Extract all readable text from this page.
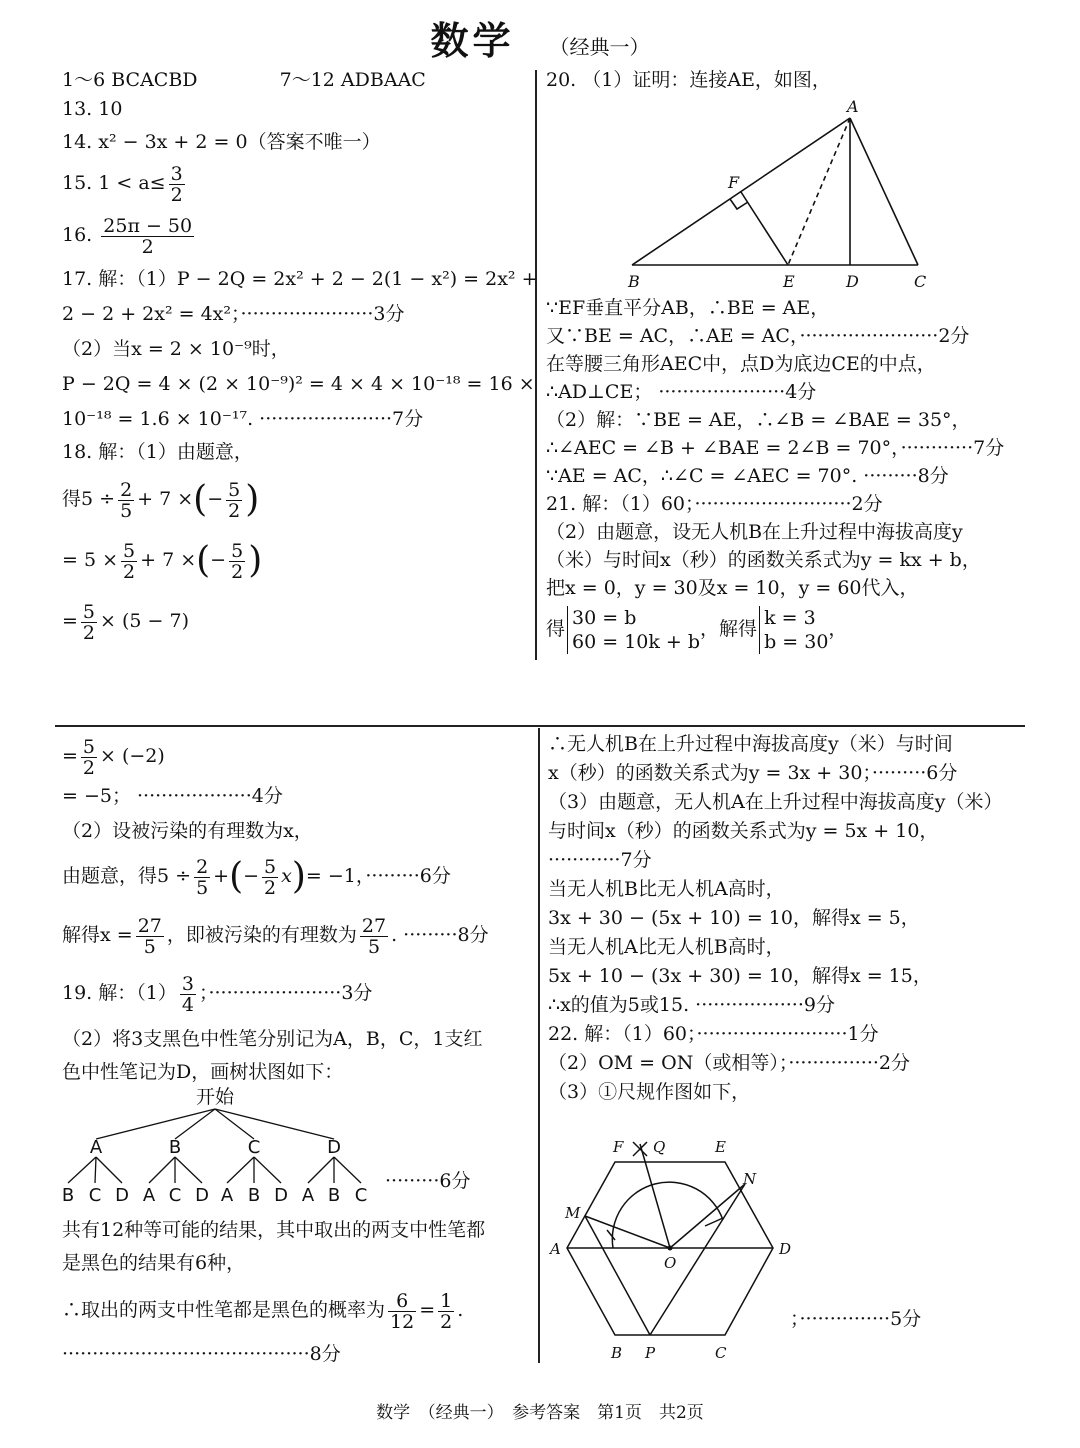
数学 （经典一）
1～6 BCACBD	7～12 ADBAAC
13. 10
14. x² − 3x + 2 = 0（答案不唯一）
15. $1 < a\le \frac{3}{2}$
16. $\frac{25\pi - 50}{2}$
17. 解：（1）P − 2Q = 2x² + 2 − 2(1 − x²) = 2x² +
2 − 2 + 2x² = 4x²；······················3分
（2）当x = 2 × 10⁻⁹时，
P − 2Q = 4 × (2 × 10⁻⁹)² = 4 × 4 × 10⁻¹⁸ = 16 ×
10⁻¹⁸ = 1.6 × 10⁻¹⁷. ······················7分
18. 解：（1）由题意，
得$5 \div \frac{2}{5} + 7$ ×(− $\frac{5}{2}$ )
= $5 \times \frac{5}{2} + 7$ ×(− $\frac{5}{2}$ )
= $\frac{5}{2} \times (5 - 7)$
20. （1）证明：连接AE，如图，
A
F
B	E	D	C
∵EF垂直平分AB，∴BE = AE，
又∵BE = AC，∴AE = AC，·······················2分
在等腰三角形AEC中，点D为底边CE的中点，
∴AD⊥CE； ·····················4分
（2）解：∵BE = AE，∴∠B = ∠BAE = 35°，
∴∠AEC = ∠B + ∠BAE = 2∠B = 70°，············7分
∵AE = AC，∴∠C = ∠AEC = 70°. ·········8分
21. 解：（1）60；··························2分
（2）由题意，设无人机B在上升过程中海拔高度y
（米）与时间x（秒）的函数关系式为y = kx + b，
把x = 0，y = 30及x = 10，y = 60代入，
得 30 = b
60 = 10k + b
，解得 k = 3
b = 30
，
= $\frac{5}{2} \times (-2)$
= −5； ···················4分
（2）设被污染的有理数为x，
由题意，得$5 \div \frac{2}{5}$ +(− $\frac{5}{2} x)= -1$，·········6分
解得$x = \frac{27}{5}$ ，即被污染的有理数为 $\frac{27}{5}$ . ·········8分
19. 解：$(1) \frac{3}{4}$ ；······················3分
（2）将3支黑色中性笔分别记为A，B，C，1支红
色中性笔记为D，画树状图如下：
开始
A	B	C	D
B C D A C D A B D A B C
·········6分
共有12种等可能的结果，其中取出的两支中性笔都
是黑色的结果有6种，
∴取出的两支中性笔都是黑色的概率为 $\frac{6}{12} = \frac{1}{2}$ .
·········································8分
∴无人机B在上升过程中海拔高度y（米）与时间
x（秒）的函数关系式为y = 3x + 30；·········6分
（3）由题意，无人机A在上升过程中海拔高度y（米）
与时间x（秒）的函数关系式为y = 5x + 10，
············7分
当无人机B比无人机A高时，
3x + 30 − (5x + 10) = 10，解得x = 5，
当无人机A比无人机B高时，
5x + 10 − (3x + 30) = 10，解得x = 15，
∴x的值为5或15. ··················9分
22. 解：（1）60；·························1分
（2）OM = ON（或相等）；···············2分
（3）①尺规作图如下，
F Q	E
N
M
A
O
D
B P	C
；···············5分
数学　（经典一）　参考答案　第1页　共2页
